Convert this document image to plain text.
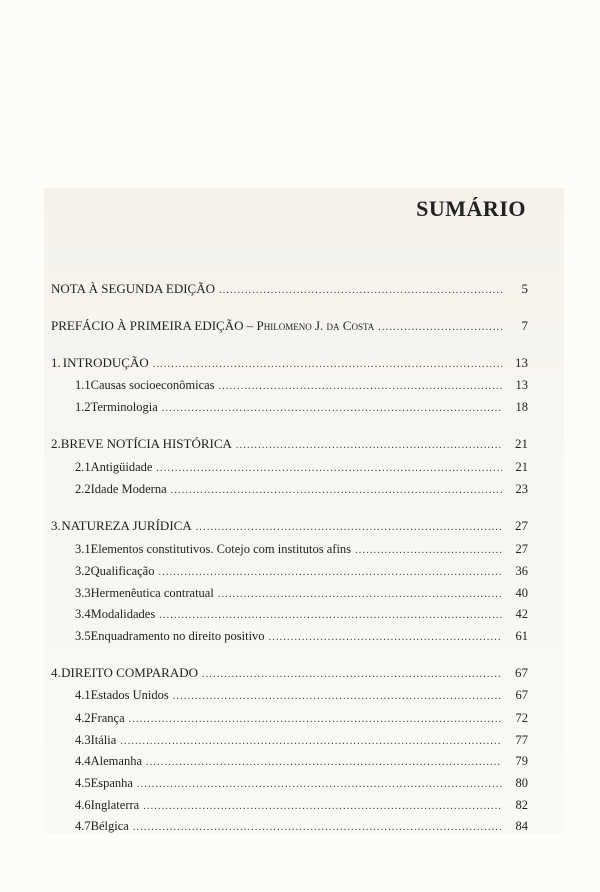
SUMÁRIO
NOTA À SEGUNDA EDIÇÃO .....	5
PREFÁCIO À PRIMEIRA EDIÇÃO – Philomeno J. da Costa .....	7
1. INTRODUÇÃO .....	13
1.1 Causas socioeconômicas .....	13
1.2 Terminologia .....	18
2. BREVE NOTÍCIA HISTÓRICA .....	21
2.1 Antigüidade .....	21
2.2 Idade Moderna .....	23
3. NATUREZA JURÍDICA .....	27
3.1 Elementos constitutivos. Cotejo com institutos afins .....	27
3.2 Qualificação .....	36
3.3 Hermenêutica contratual .....	40
3.4 Modalidades .....	42
3.5 Enquadramento no direito positivo .....	61
4. DIREITO COMPARADO .....	67
4.1 Estados Unidos .....	67
4.2 França .....	72
4.3 Itália .....	77
4.4 Alemanha .....	79
4.5 Espanha .....	80
4.6 Inglaterra .....	82
4.7 Bélgica .....	84
